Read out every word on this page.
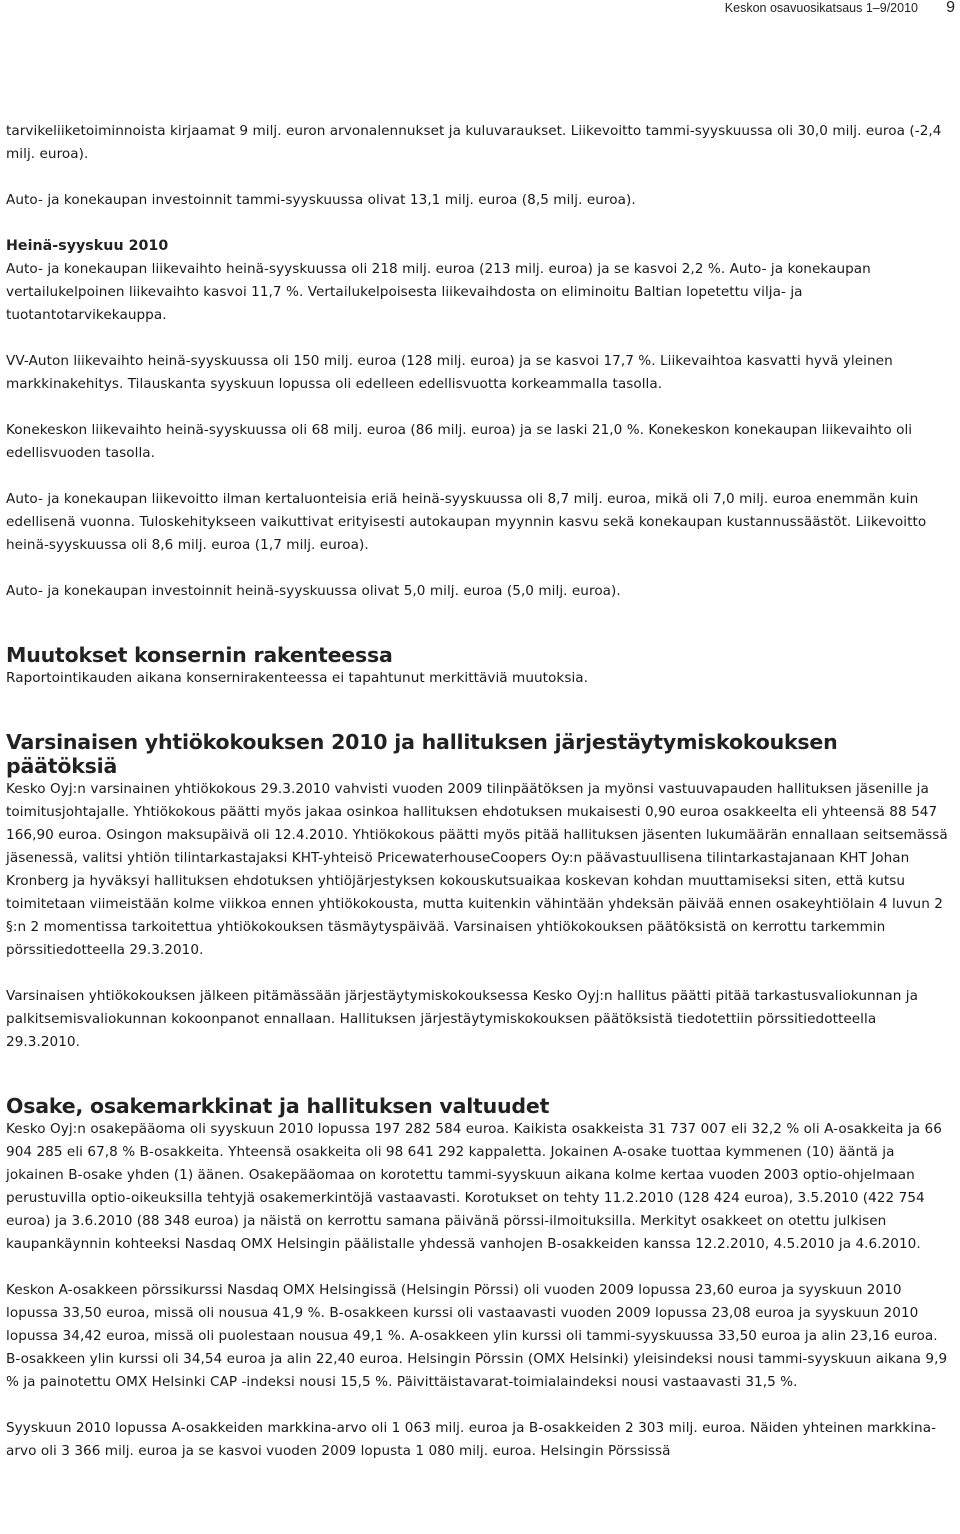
Keskon osavuosikatsaus 1–9/2010 9

tarvikeliiketoiminnoista kirjaamat 9 milj. euron arvonalennukset ja kuluvaraukset. Liikevoitto tammi-syyskuussa oli 30,0 milj. euroa (-2,4 milj. euroa).

Auto- ja konekaupan investoinnit tammi-syyskuussa olivat 13,1 milj. euroa (8,5 milj. euroa).

Heinä-syyskuu 2010

Auto- ja konekaupan liikevaihto heinä-syyskuussa oli 218 milj. euroa (213 milj. euroa) ja se kasvoi 2,2 %. Auto- ja konekaupan vertailukelpoinen liikevaihto kasvoi 11,7 %. Vertailukelpoisesta liikevaihdosta on eliminoitu Baltian lopetettu vilja- ja tuotantotarvikekauppa.

VV-Auton liikevaihto heinä-syyskuussa oli 150 milj. euroa (128 milj. euroa) ja se kasvoi 17,7 %. Liikevaihtoa kasvatti hyvä yleinen markkinakehitys. Tilauskanta syyskuun lopussa oli edelleen edellisvuotta korkeammalla tasolla.

Konekeskon liikevaihto heinä-syyskuussa oli 68 milj. euroa (86 milj. euroa) ja se laski 21,0 %. Konekeskon konekaupan liikevaihto oli edellisvuoden tasolla.

Auto- ja konekaupan liikevoitto ilman kertaluonteisia eriä heinä-syyskuussa oli 8,7 milj. euroa, mikä oli 7,0 milj. euroa enemmän kuin edellisenä vuonna. Tuloskehitykseen vaikuttivat erityisesti autokaupan myynnin kasvu sekä konekaupan kustannussäästöt. Liikevoitto heinä-syyskuussa oli 8,6 milj. euroa (1,7 milj. euroa).

Auto- ja konekaupan investoinnit heinä-syyskuussa olivat 5,0 milj. euroa (5,0 milj. euroa).

Muutokset konsernin rakenteessa

Raportointikauden aikana konsernirakenteessa ei tapahtunut merkittäviä muutoksia.

Varsinaisen yhtiökokouksen 2010 ja hallituksen järjestäytymiskokouksen päätöksiä

Kesko Oyj:n varsinainen yhtiökokous 29.3.2010 vahvisti vuoden 2009 tilinpäätöksen ja myönsi vastuuvapauden hallituksen jäsenille ja toimitusjohtajalle. Yhtiökokous päätti myös jakaa osinkoa hallituksen ehdotuksen mukaisesti 0,90 euroa osakkeelta eli yhteensä 88 547 166,90 euroa. Osingon maksupäivä oli 12.4.2010. Yhtiökokous päätti myös pitää hallituksen jäsenten lukumäärän ennallaan seitsemässä jäsenessä, valitsi yhtiön tilintarkastajaksi KHT-yhteisö PricewaterhouseCoopers Oy:n päävastuullisena tilintarkastajanaan KHT Johan Kronberg ja hyväksyi hallituksen ehdotuksen yhtiöjärjestyksen kokouskutsuaikaa koskevan kohdan muuttamiseksi siten, että kutsu toimitetaan viimeistään kolme viikkoa ennen yhtiökokousta, mutta kuitenkin vähintään yhdeksän päivää ennen osakeyhtiölain 4 luvun 2 §:n 2 momentissa tarkoitettua yhtiökokouksen täsmäytyspäivää. Varsinaisen yhtiökokouksen päätöksistä on kerrottu tarkemmin pörssitiedotteella 29.3.2010.

Varsinaisen yhtiökokouksen jälkeen pitämässään järjestäytymiskokouksessa Kesko Oyj:n hallitus päätti pitää tarkastusvaliokunnan ja palkitsemisvaliokunnan kokoonpanot ennallaan. Hallituksen järjestäytymiskokouksen päätöksistä tiedotettiin pörssitiedotteella 29.3.2010.

Osake, osakemarkkinat ja hallituksen valtuudet

Kesko Oyj:n osakepääoma oli syyskuun 2010 lopussa 197 282 584 euroa. Kaikista osakkeista 31 737 007 eli 32,2 % oli A-osakkeita ja 66 904 285 eli 67,8 % B-osakkeita. Yhteensä osakkeita oli 98 641 292 kappaletta. Jokainen A-osake tuottaa kymmenen (10) ääntä ja jokainen B-osake yhden (1) äänen. Osakepääomaa on korotettu tammi-syyskuun aikana kolme kertaa vuoden 2003 optio-ohjelmaan perustuvilla optio-oikeuksilla tehtyjä osakemerkintöjä vastaavasti. Korotukset on tehty 11.2.2010 (128 424 euroa), 3.5.2010 (422 754 euroa) ja 3.6.2010 (88 348 euroa) ja näistä on kerrottu samana päivänä pörssi-ilmoituksilla. Merkityt osakkeet on otettu julkisen kaupankäynnin kohteeksi Nasdaq OMX Helsingin päälistalle yhdessä vanhojen B-osakkeiden kanssa 12.2.2010, 4.5.2010 ja 4.6.2010.

Keskon A-osakkeen pörssikurssi Nasdaq OMX Helsingissä (Helsingin Pörssi) oli vuoden 2009 lopussa 23,60 euroa ja syyskuun 2010 lopussa 33,50 euroa, missä oli nousua 41,9 %. B-osakkeen kurssi oli vastaavasti vuoden 2009 lopussa 23,08 euroa ja syyskuun 2010 lopussa 34,42 euroa, missä oli puolestaan nousua 49,1 %. A-osakkeen ylin kurssi oli tammi-syyskuussa 33,50 euroa ja alin 23,16 euroa. B-osakkeen ylin kurssi oli 34,54 euroa ja alin 22,40 euroa. Helsingin Pörssin (OMX Helsinki) yleisindeksi nousi tammi-syyskuun aikana 9,9 % ja painotettu OMX Helsinki CAP -indeksi nousi 15,5 %. Päivittäistavarat-toimialaindeksi nousi vastaavasti 31,5 %.

Syyskuun 2010 lopussa A-osakkeiden markkina-arvo oli 1 063 milj. euroa ja B-osakkeiden 2 303 milj. euroa. Näiden yhteinen markkina-arvo oli 3 366 milj. euroa ja se kasvoi vuoden 2009 lopusta 1 080 milj. euroa. Helsingin Pörssissä
